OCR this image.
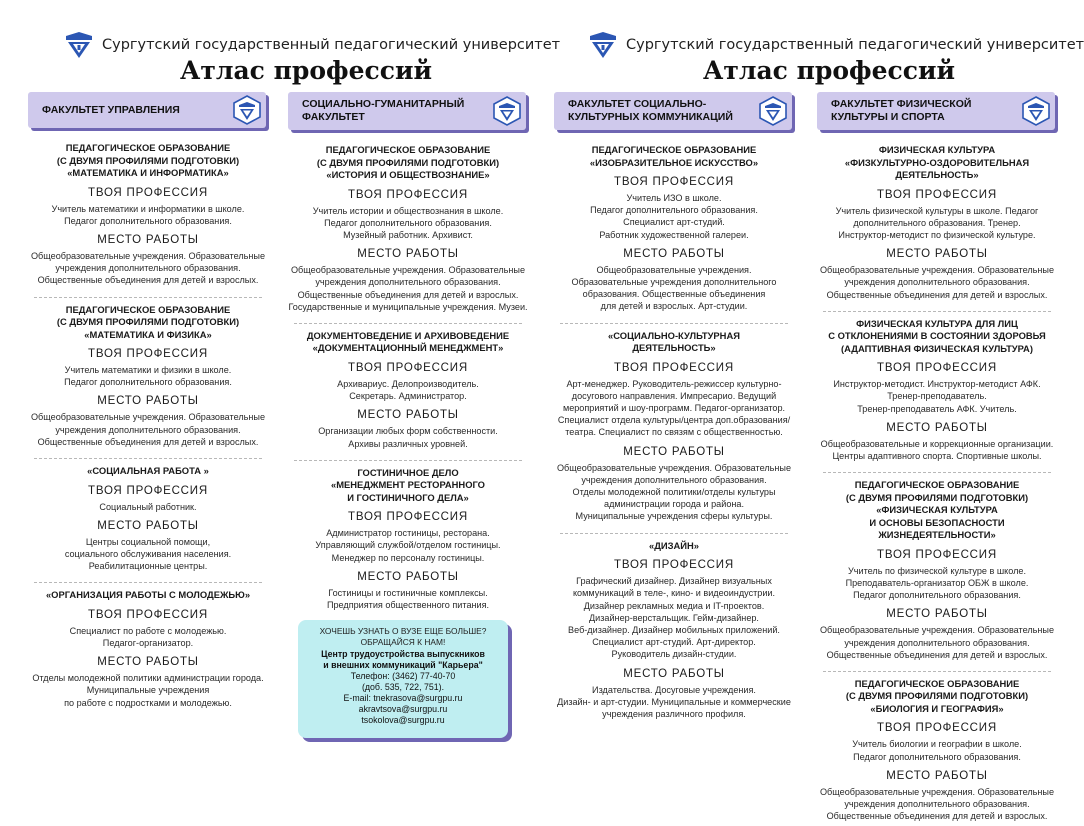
Сургутский государственный педагогический университет
Атлас профессий
Сургутский государственный педагогический университет
Атлас профессий
ФАКУЛЬТЕТ УПРАВЛЕНИЯ
ПЕДАГОГИЧЕСКОЕ ОБРАЗОВАНИЕ
(С ДВУМЯ ПРОФИЛЯМИ ПОДГОТОВКИ)
«МАТЕМАТИКА И ИНФОРМАТИКА»
ТВОЯ ПРОФЕССИЯ
Учитель математики и информатики в школе.
Педагог дополнительного образования.
МЕСТО РАБОТЫ
Общеобразовательные учреждения. Образовательные
учреждения дополнительного образования.
Общественные объединения для детей и взрослых.
ПЕДАГОГИЧЕСКОЕ ОБРАЗОВАНИЕ
(С ДВУМЯ ПРОФИЛЯМИ ПОДГОТОВКИ)
«МАТЕМАТИКА И ФИЗИКА»
ТВОЯ ПРОФЕССИЯ
Учитель математики и физики в школе.
Педагог дополнительного образования.
МЕСТО РАБОТЫ
Общеобразовательные учреждения. Образовательные
учреждения дополнительного образования.
Общественные объединения для детей и взрослых.
«СОЦИАЛЬНАЯ РАБОТА »
ТВОЯ ПРОФЕССИЯ
Социальный работник.
МЕСТО РАБОТЫ
Центры социальной помощи,
социального обслуживания населения.
Реабилитационные центры.
«ОРГАНИЗАЦИЯ РАБОТЫ С МОЛОДЕЖЬЮ»
ТВОЯ ПРОФЕССИЯ
Специалист по работе с молодежью.
Педагог-организатор.
МЕСТО РАБОТЫ
Отделы молодежной политики администрации города.
Муниципальные учреждения
по работе с подростками и молодежью.
СОЦИАЛЬНО-ГУМАНИТАРНЫЙ
ФАКУЛЬТЕТ
ПЕДАГОГИЧЕСКОЕ ОБРАЗОВАНИЕ
(С ДВУМЯ ПРОФИЛЯМИ ПОДГОТОВКИ)
«ИСТОРИЯ И ОБЩЕСТВОЗНАНИЕ»
ТВОЯ ПРОФЕССИЯ
Учитель истории и обществознания в школе.
Педагог дополнительного образования.
Музейный работник. Архивист.
МЕСТО РАБОТЫ
Общеобразовательные учреждения. Образовательные
учреждения дополнительного образования.
Общественные объединения для детей и взрослых.
Государственные и муниципальные учреждения. Музеи.
ДОКУМЕНТОВЕДЕНИЕ И АРХИВОВЕДЕНИЕ
«ДОКУМЕНТАЦИОННЫЙ МЕНЕДЖМЕНТ»
ТВОЯ ПРОФЕССИЯ
Архивариус. Делопроизводитель.
Секретарь. Администратор.
МЕСТО РАБОТЫ
Организации любых форм собственности.
Архивы различных уровней.
ГОСТИНИЧНОЕ ДЕЛО
«МЕНЕДЖМЕНТ РЕСТОРАННОГО
И ГОСТИНИЧНОГО ДЕЛА»
ТВОЯ ПРОФЕССИЯ
Администратор гостиницы, ресторана.
Управляющий службой/отделом гостиницы.
Менеджер по персоналу гостиницы.
МЕСТО РАБОТЫ
Гостиницы и гостиничные комплексы.
Предприятия общественного питания.
ФАКУЛЬТЕТ СОЦИАЛЬНО-
КУЛЬТУРНЫХ КОММУНИКАЦИЙ
ПЕДАГОГИЧЕСКОЕ ОБРАЗОВАНИЕ
«ИЗОБРАЗИТЕЛЬНОЕ ИСКУССТВО»
ТВОЯ ПРОФЕССИЯ
Учитель ИЗО в школе.
Педагог дополнительного образования.
Специалист арт-студий.
Работник художественной галереи.
МЕСТО РАБОТЫ
Общеобразовательные учреждения.
Образовательные учреждения дополнительного
образования. Общественные объединения
для детей и взрослых. Арт-студии.
«СОЦИАЛЬНО-КУЛЬТУРНАЯ
ДЕЯТЕЛЬНОСТЬ»
ТВОЯ ПРОФЕССИЯ
Арт-менеджер. Руководитель-режиссер культурно-
досугового направления. Импресарио. Ведущий
мероприятий и шоу-программ. Педагог-организатор.
Специалист отдела культуры/центра доп.образования/
театра. Специалист по связям с общественностью.
МЕСТО РАБОТЫ
Общеобразовательные учреждения. Образовательные
учреждения дополнительного образования.
Отделы молодежной политики/отделы культуры
администрации города и района.
Муниципальные учреждения сферы культуры.
«ДИЗАЙН»
ТВОЯ ПРОФЕССИЯ
Графический дизайнер. Дизайнер визуальных
коммуникаций в теле-, кино- и видеоиндустрии.
Дизайнер рекламных медиа и IT-проектов.
Дизайнер-верстальщик. Гейм-дизайнер.
Веб-дизайнер. Дизайнер мобильных приложений.
Специалист арт-студий. Арт-директор.
Руководитель дизайн-студии.
МЕСТО РАБОТЫ
Издательства. Досуговые учреждения.
Дизайн- и арт-студии. Муниципальные и коммерческие
учреждения различного профиля.
ФАКУЛЬТЕТ ФИЗИЧЕСКОЙ
КУЛЬТУРЫ И СПОРТА
ФИЗИЧЕСКАЯ КУЛЬТУРА
«ФИЗКУЛЬТУРНО-ОЗДОРОВИТЕЛЬНАЯ
ДЕЯТЕЛЬНОСТЬ»
ТВОЯ ПРОФЕССИЯ
Учитель физической культуры в школе. Педагог
дополнительного образования. Тренер.
Инструктор-методист по физической культуре.
МЕСТО РАБОТЫ
Общеобразовательные учреждения. Образовательные
учреждения дополнительного образования.
Общественные объединения для детей и взрослых.
ФИЗИЧЕСКАЯ КУЛЬТУРА ДЛЯ ЛИЦ
С ОТКЛОНЕНИЯМИ В СОСТОЯНИИ ЗДОРОВЬЯ
(АДАПТИВНАЯ ФИЗИЧЕСКАЯ КУЛЬТУРА)
ТВОЯ ПРОФЕССИЯ
Инструктор-методист. Инструктор-методист АФК.
Тренер-преподаватель.
Тренер-преподаватель АФК. Учитель.
МЕСТО РАБОТЫ
Общеобразовательные и коррекционные организации.
Центры адаптивного спорта. Спортивные школы.
ПЕДАГОГИЧЕСКОЕ ОБРАЗОВАНИЕ
(С ДВУМЯ ПРОФИЛЯМИ ПОДГОТОВКИ)
«ФИЗИЧЕСКАЯ КУЛЬТУРА
И ОСНОВЫ БЕЗОПАСНОСТИ ЖИЗНЕДЕЯТЕЛЬНОСТИ»
ТВОЯ ПРОФЕССИЯ
Учитель по физической культуре в школе.
Преподаватель-организатор ОБЖ в школе.
Педагог дополнительного образования.
МЕСТО РАБОТЫ
Общеобразовательные учреждения. Образовательные
учреждения дополнительного образования.
Общественные объединения для детей и взрослых.
ПЕДАГОГИЧЕСКОЕ ОБРАЗОВАНИЕ
(С ДВУМЯ ПРОФИЛЯМИ ПОДГОТОВКИ)
«БИОЛОГИЯ И ГЕОГРАФИЯ»
ТВОЯ ПРОФЕССИЯ
Учитель биологии и географии в школе.
Педагог дополнительного образования.
МЕСТО РАБОТЫ
Общеобразовательные учреждения. Образовательные
учреждения дополнительного образования.
Общественные объединения для детей и взрослых.
ХОЧЕШЬ УЗНАТЬ О ВУЗЕ ЕЩЕ БОЛЬШЕ?
ОБРАЩАЙСЯ К НАМ!
Центр трудоустройства выпускников
и внешних коммуникаций "Карьера"
Телефон: (3462) 77-40-70
(доб. 535, 722, 751).
E-mail: tnekrasova@surgpu.ru
akravtsova@surgpu.ru
tsokolova@surgpu.ru
